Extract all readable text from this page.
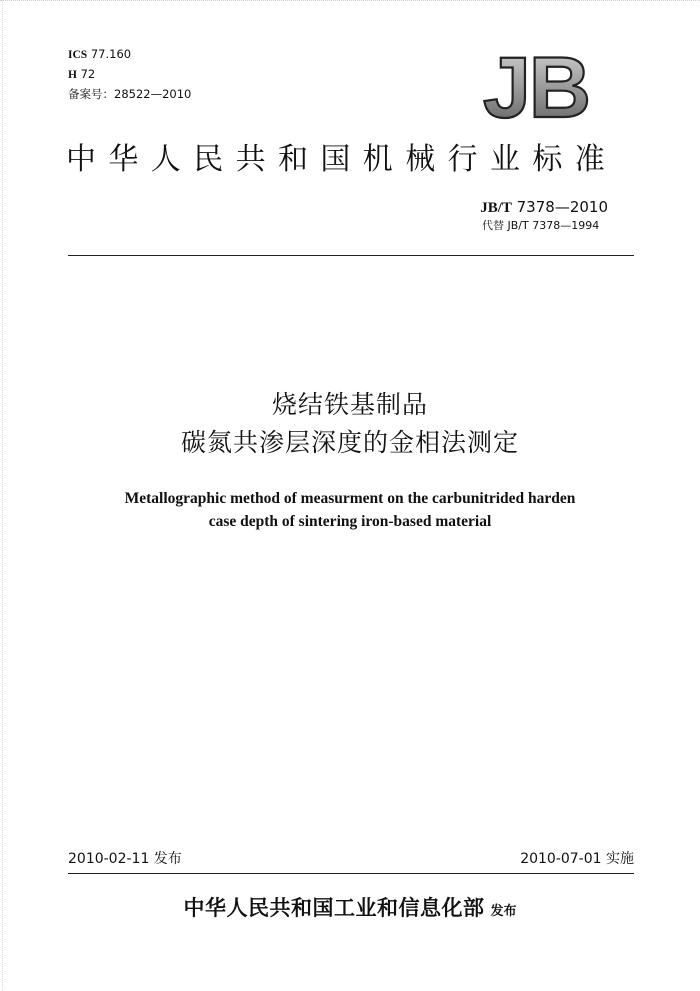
ICS 77.160
H 72
备案号：28522—2010	JB
中华人民共和国机械行业标准
JB/T 7378—2010
代替 JB/T 7378—1994
烧结铁基制品
碳氮共渗层深度的金相法测定
Metallographic method of measurment on the carbunitrided harden
case depth of sintering iron-based material
2010-02-11 发布	2010-07-01 实施
中华人民共和国工业和信息化部 发布
